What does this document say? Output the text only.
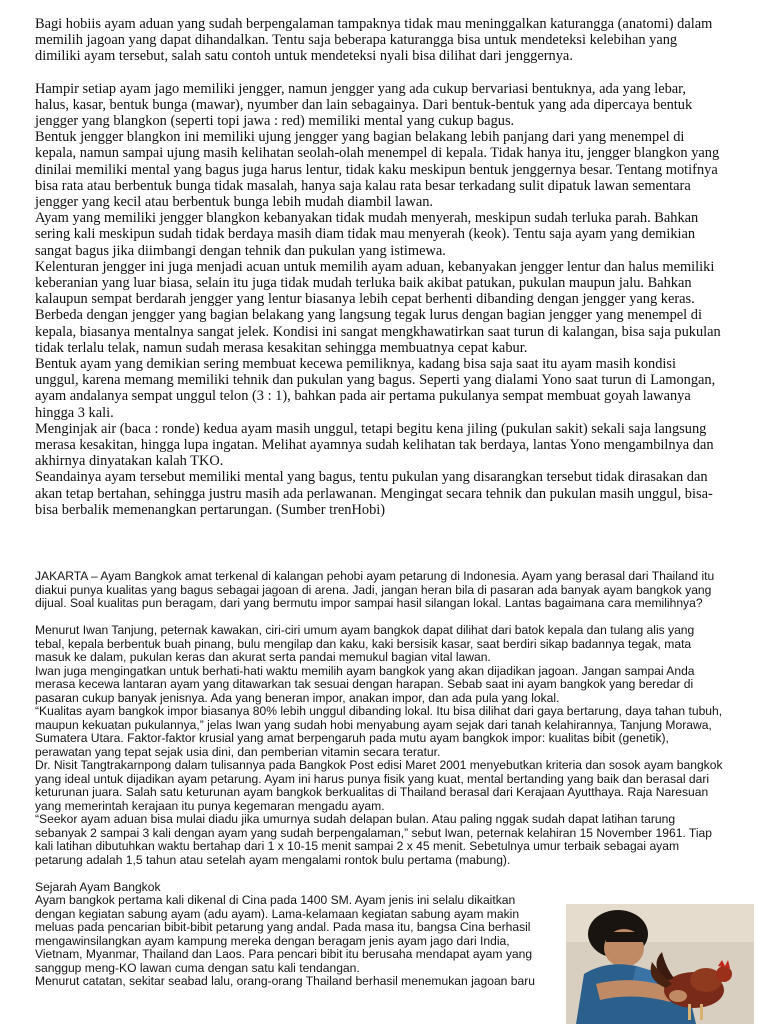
Bagi hobiis ayam aduan yang sudah berpengalaman tampaknya tidak mau meninggalkan katurangga (anatomi) dalam

memilih jagoan yang dapat dihandalkan. Tentu saja beberapa katurangga bisa untuk mendeteksi kelebihan yang

dimiliki ayam tersebut, salah satu contoh untuk mendeteksi nyali bisa dilihat dari jenggernya.

Hampir setiap ayam jago memiliki jengger, namun jengger yang ada cukup bervariasi bentuknya, ada yang lebar,

halus, kasar, bentuk bunga (mawar), nyumber dan lain sebagainya. Dari bentuk-bentuk yang ada dipercaya bentuk

jengger yang blangkon (seperti topi jawa : red) memiliki mental yang cukup bagus.

Bentuk jengger blangkon ini memiliki ujung jengger yang bagian belakang lebih panjang dari yang menempel di

kepala, namun sampai ujung masih kelihatan seolah-olah menempel di kepala. Tidak hanya itu, jengger blangkon yang

dinilai memiliki mental yang bagus juga harus lentur, tidak kaku meskipun bentuk jenggernya besar. Tentang motifnya

bisa rata atau berbentuk bunga tidak masalah, hanya saja kalau rata besar terkadang sulit dipatuk lawan sementara

jengger yang kecil atau berbentuk bunga lebih mudah diambil lawan.

Ayam yang memiliki jengger blangkon kebanyakan tidak mudah menyerah, meskipun sudah terluka parah. Bahkan

sering kali meskipun sudah tidak berdaya masih diam tidak mau menyerah (keok). Tentu saja ayam yang demikian

sangat bagus jika diimbangi dengan tehnik dan pukulan yang istimewa.

Kelenturan jengger ini juga menjadi acuan untuk memilih ayam aduan, kebanyakan jengger lentur dan halus memiliki

keberanian yang luar biasa, selain itu juga tidak mudah terluka baik akibat patukan, pukulan maupun jalu. Bahkan

kalaupun sempat berdarah jengger yang lentur biasanya lebih cepat berhenti dibanding dengan jengger yang keras.

Berbeda dengan jengger yang bagian belakang yang langsung tegak lurus dengan bagian jengger yang menempel di

kepala, biasanya mentalnya sangat jelek. Kondisi ini sangat mengkhawatirkan saat turun di kalangan, bisa saja pukulan

tidak terlalu telak, namun sudah merasa kesakitan sehingga membuatnya cepat kabur.

Bentuk ayam yang demikian sering membuat kecewa pemiliknya, kadang bisa saja saat itu ayam masih kondisi

unggul, karena memang memiliki tehnik dan pukulan yang bagus. Seperti yang dialami Yono saat turun di Lamongan,

ayam andalanya sempat unggul telon (3 : 1), bahkan pada air pertama pukulanya sempat membuat goyah lawanya

hingga 3 kali.

Menginjak air (baca : ronde) kedua ayam masih unggul, tetapi begitu kena jiling (pukulan sakit) sekali saja langsung

merasa kesakitan, hingga lupa ingatan. Melihat ayamnya sudah kelihatan tak berdaya, lantas Yono mengambilnya dan

akhirnya dinyatakan kalah TKO.

Seandainya ayam tersebut memiliki mental yang bagus, tentu pukulan yang disarangkan tersebut tidak dirasakan dan

akan tetap bertahan, sehingga justru masih ada perlawanan. Mengingat secara tehnik dan pukulan masih unggul, bisa-

bisa berbalik memenangkan pertarungan. (Sumber trenHobi)

JAKARTA – Ayam Bangkok amat terkenal di kalangan pehobi ayam petarung di Indonesia. Ayam yang berasal dari Thailand itu

diakui punya kualitas yang bagus sebagai jagoan di arena. Jadi, jangan heran bila di pasaran ada banyak ayam bangkok yang

dijual. Soal kualitas pun beragam, dari yang bermutu impor sampai hasil silangan lokal. Lantas bagaimana cara memilihnya?

Menurut Iwan Tanjung, peternak kawakan, ciri-ciri umum ayam bangkok dapat dilihat dari batok kepala dan tulang alis yang

tebal, kepala berbentuk buah pinang, bulu mengilap dan kaku, kaki bersisik kasar, saat berdiri sikap badannya tegak, mata

masuk ke dalam, pukulan keras dan akurat serta pandai memukul bagian vital lawan.

Iwan juga mengingatkan untuk berhati-hati waktu memilih ayam bangkok yang akan dijadikan jagoan. Jangan sampai Anda

merasa kecewa lantaran ayam yang ditawarkan tak sesuai dengan harapan. Sebab saat ini ayam bangkok yang beredar di

pasaran cukup banyak jenisnya. Ada yang beneran impor, anakan impor, dan ada pula yang lokal.

“Kualitas ayam bangkok impor biasanya 80% lebih unggul dibanding lokal. Itu bisa dilihat dari gaya bertarung, daya tahan tubuh,

maupun kekuatan pukulannya,” jelas Iwan yang sudah hobi menyabung ayam sejak dari tanah kelahirannya, Tanjung Morawa,

Sumatera Utara. Faktor-faktor krusial yang amat berpengaruh pada mutu ayam bangkok impor: kualitas bibit (genetik),

perawatan yang tepat sejak usia dini, dan pemberian vitamin secara teratur.

Dr. Nisit Tangtrakarnpong dalam tulisannya pada Bangkok Post edisi Maret 2001 menyebutkan kriteria dan sosok ayam bangkok

yang ideal untuk dijadikan ayam petarung. Ayam ini harus punya fisik yang kuat, mental bertanding yang baik dan berasal dari

keturunan juara. Salah satu keturunan ayam bangkok berkualitas di Thailand berasal dari Kerajaan Ayutthaya. Raja Naresuan

yang memerintah kerajaan itu punya kegemaran mengadu ayam.

“Seekor ayam aduan bisa mulai diadu jika umurnya sudah delapan bulan. Atau paling nggak sudah dapat latihan tarung

sebanyak 2 sampai 3 kali dengan ayam yang sudah berpengalaman,” sebut Iwan, peternak kelahiran 15 November 1961. Tiap

kali latihan dibutuhkan waktu bertahap dari 1 x 10-15 menit sampai 2 x 45 menit. Sebetulnya umur terbaik sebagai ayam

petarung adalah 1,5 tahun atau setelah ayam mengalami rontok bulu pertama (mabung).

Sejarah Ayam Bangkok

Ayam bangkok pertama kali dikenal di Cina pada 1400 SM. Ayam jenis ini selalu dikaitkan

dengan kegiatan sabung ayam (adu ayam). Lama-kelamaan kegiatan sabung ayam makin

meluas pada pencarian bibit-bibit petarung yang andal. Pada masa itu, bangsa Cina berhasil

mengawinsilangkan ayam kampung mereka dengan beragam jenis ayam jago dari India,

Vietnam, Myanmar, Thailand dan Laos. Para pencari bibit itu berusaha mendapat ayam yang

sanggup meng-KO lawan cuma dengan satu kali tendangan.

Menurut catatan, sekitar seabad lalu, orang-orang Thailand berhasil menemukan jagoan baru
